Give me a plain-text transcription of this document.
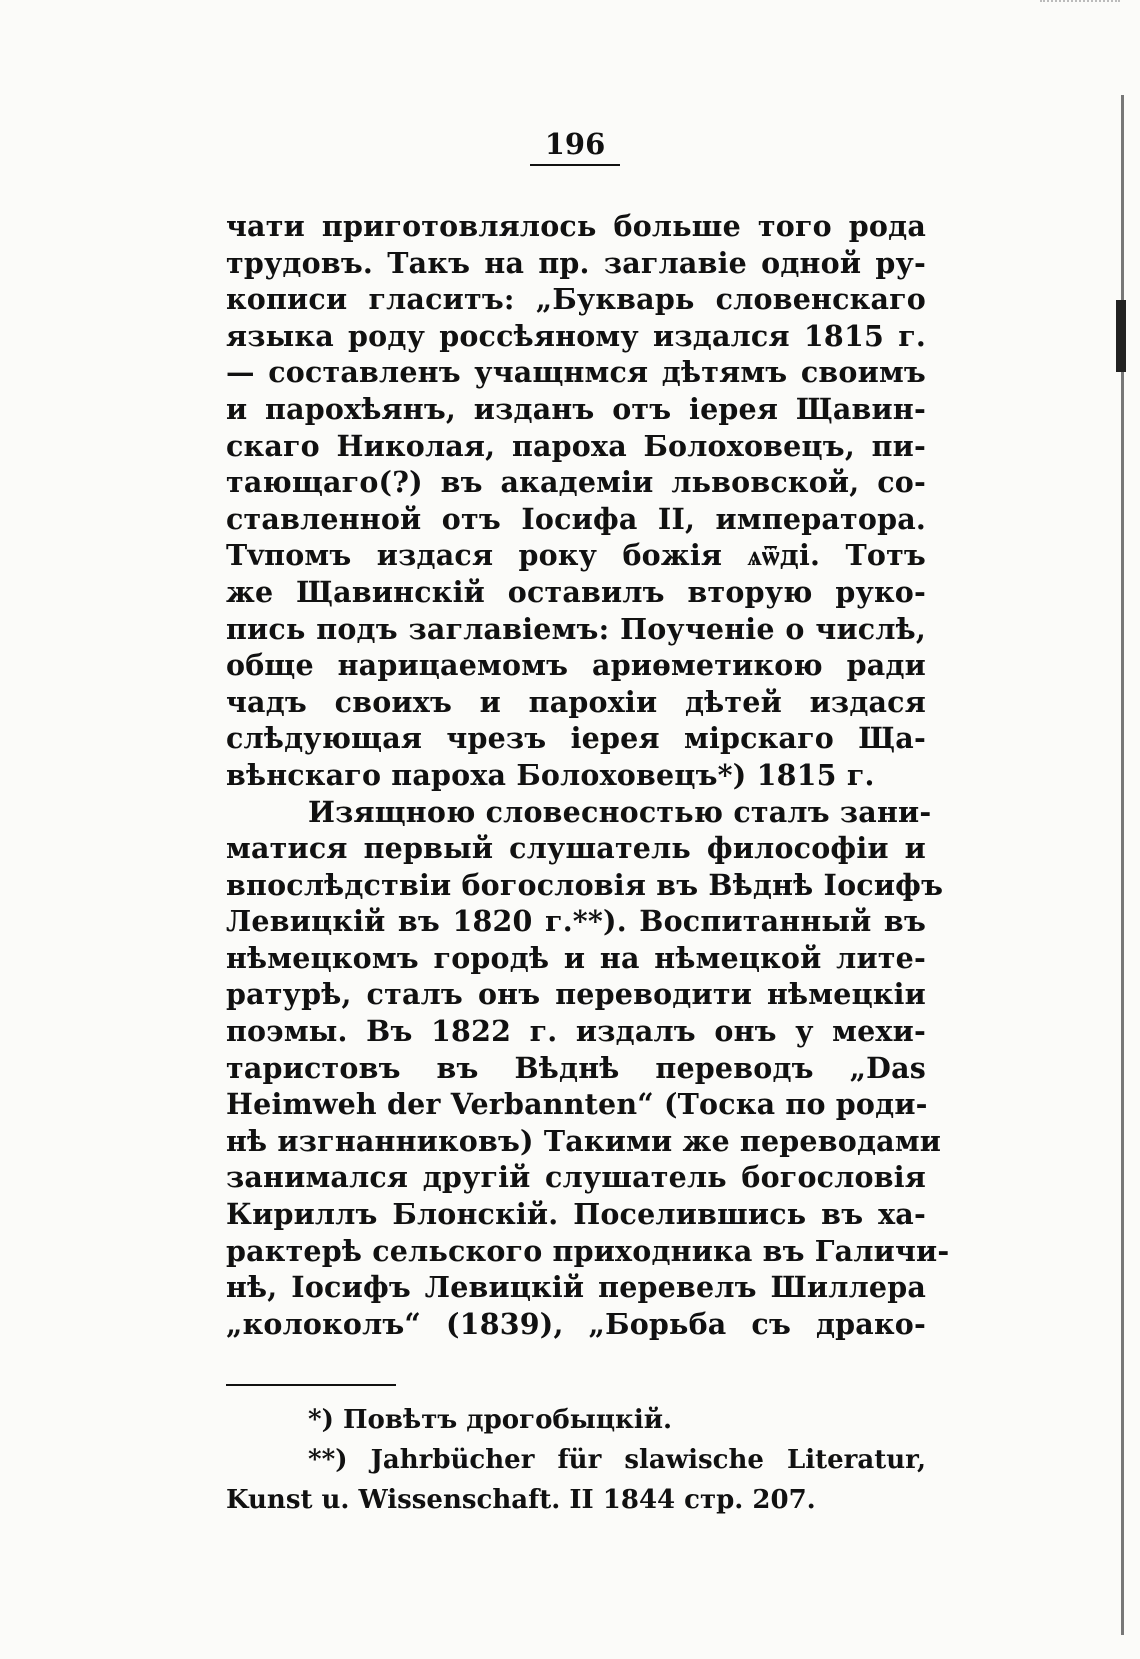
196
чати приготовлялось больше того рода
трудовъ. Такъ на пр. заглавіе одной ру-
кописи гласитъ: „Букварь словенскаго
языка роду россѣяному издался 1815 г.
— составленъ учащнмся дѣтямъ своимъ
и парохѣянъ, изданъ отъ іерея Щавин-
скаго Николая, пароха Болоховецъ, пи-
тающаго(?) въ академіи львовской, со-
ставленной отъ Іосифа II, императора.
Тvпомъ издася року божія ѧѿді. Тотъ
же Щавинскій оставилъ вторую руко-
пись подъ заглавіемъ: Поученіе о числѣ,
обще нарицаемомъ ариѳметикою ради
чадъ своихъ и парохіи дѣтей издася
слѣдующая чрезъ іерея мірскаго Ща-
вѣнскаго пароха Болоховецъ*) 1815 г.
Изящною словесностью сталъ зани-
матися первый слушатель философіи и
впослѣдствіи богословія въ Вѣднѣ Іосифъ
Левицкій въ 1820 г.**). Воспитанный въ
нѣмецкомъ городѣ и на нѣмецкой лите-
ратурѣ, сталъ онъ переводити нѣмецкіи
поэмы. Въ 1822 г. издалъ онъ у мехи-
таристовъ въ Вѣднѣ переводъ „Das
Heimweh der Verbannten“ (Тоска по роди-
нѣ изгнанниковъ) Такими же переводами
занимался другій слушатель богословія
Кириллъ Блонскій. Поселившись въ ха-
рактерѣ сельского приходника въ Галичи-
нѣ, Іосифъ Левицкій перевелъ Шиллера
„колоколъ“ (1839), „Борьба съ драко-
*) Повѣтъ дрогобыцкій.
**) Jahrbücher für slawische Literatur,
Kunst u. Wissenschaft. II 1844 стр. 207.
